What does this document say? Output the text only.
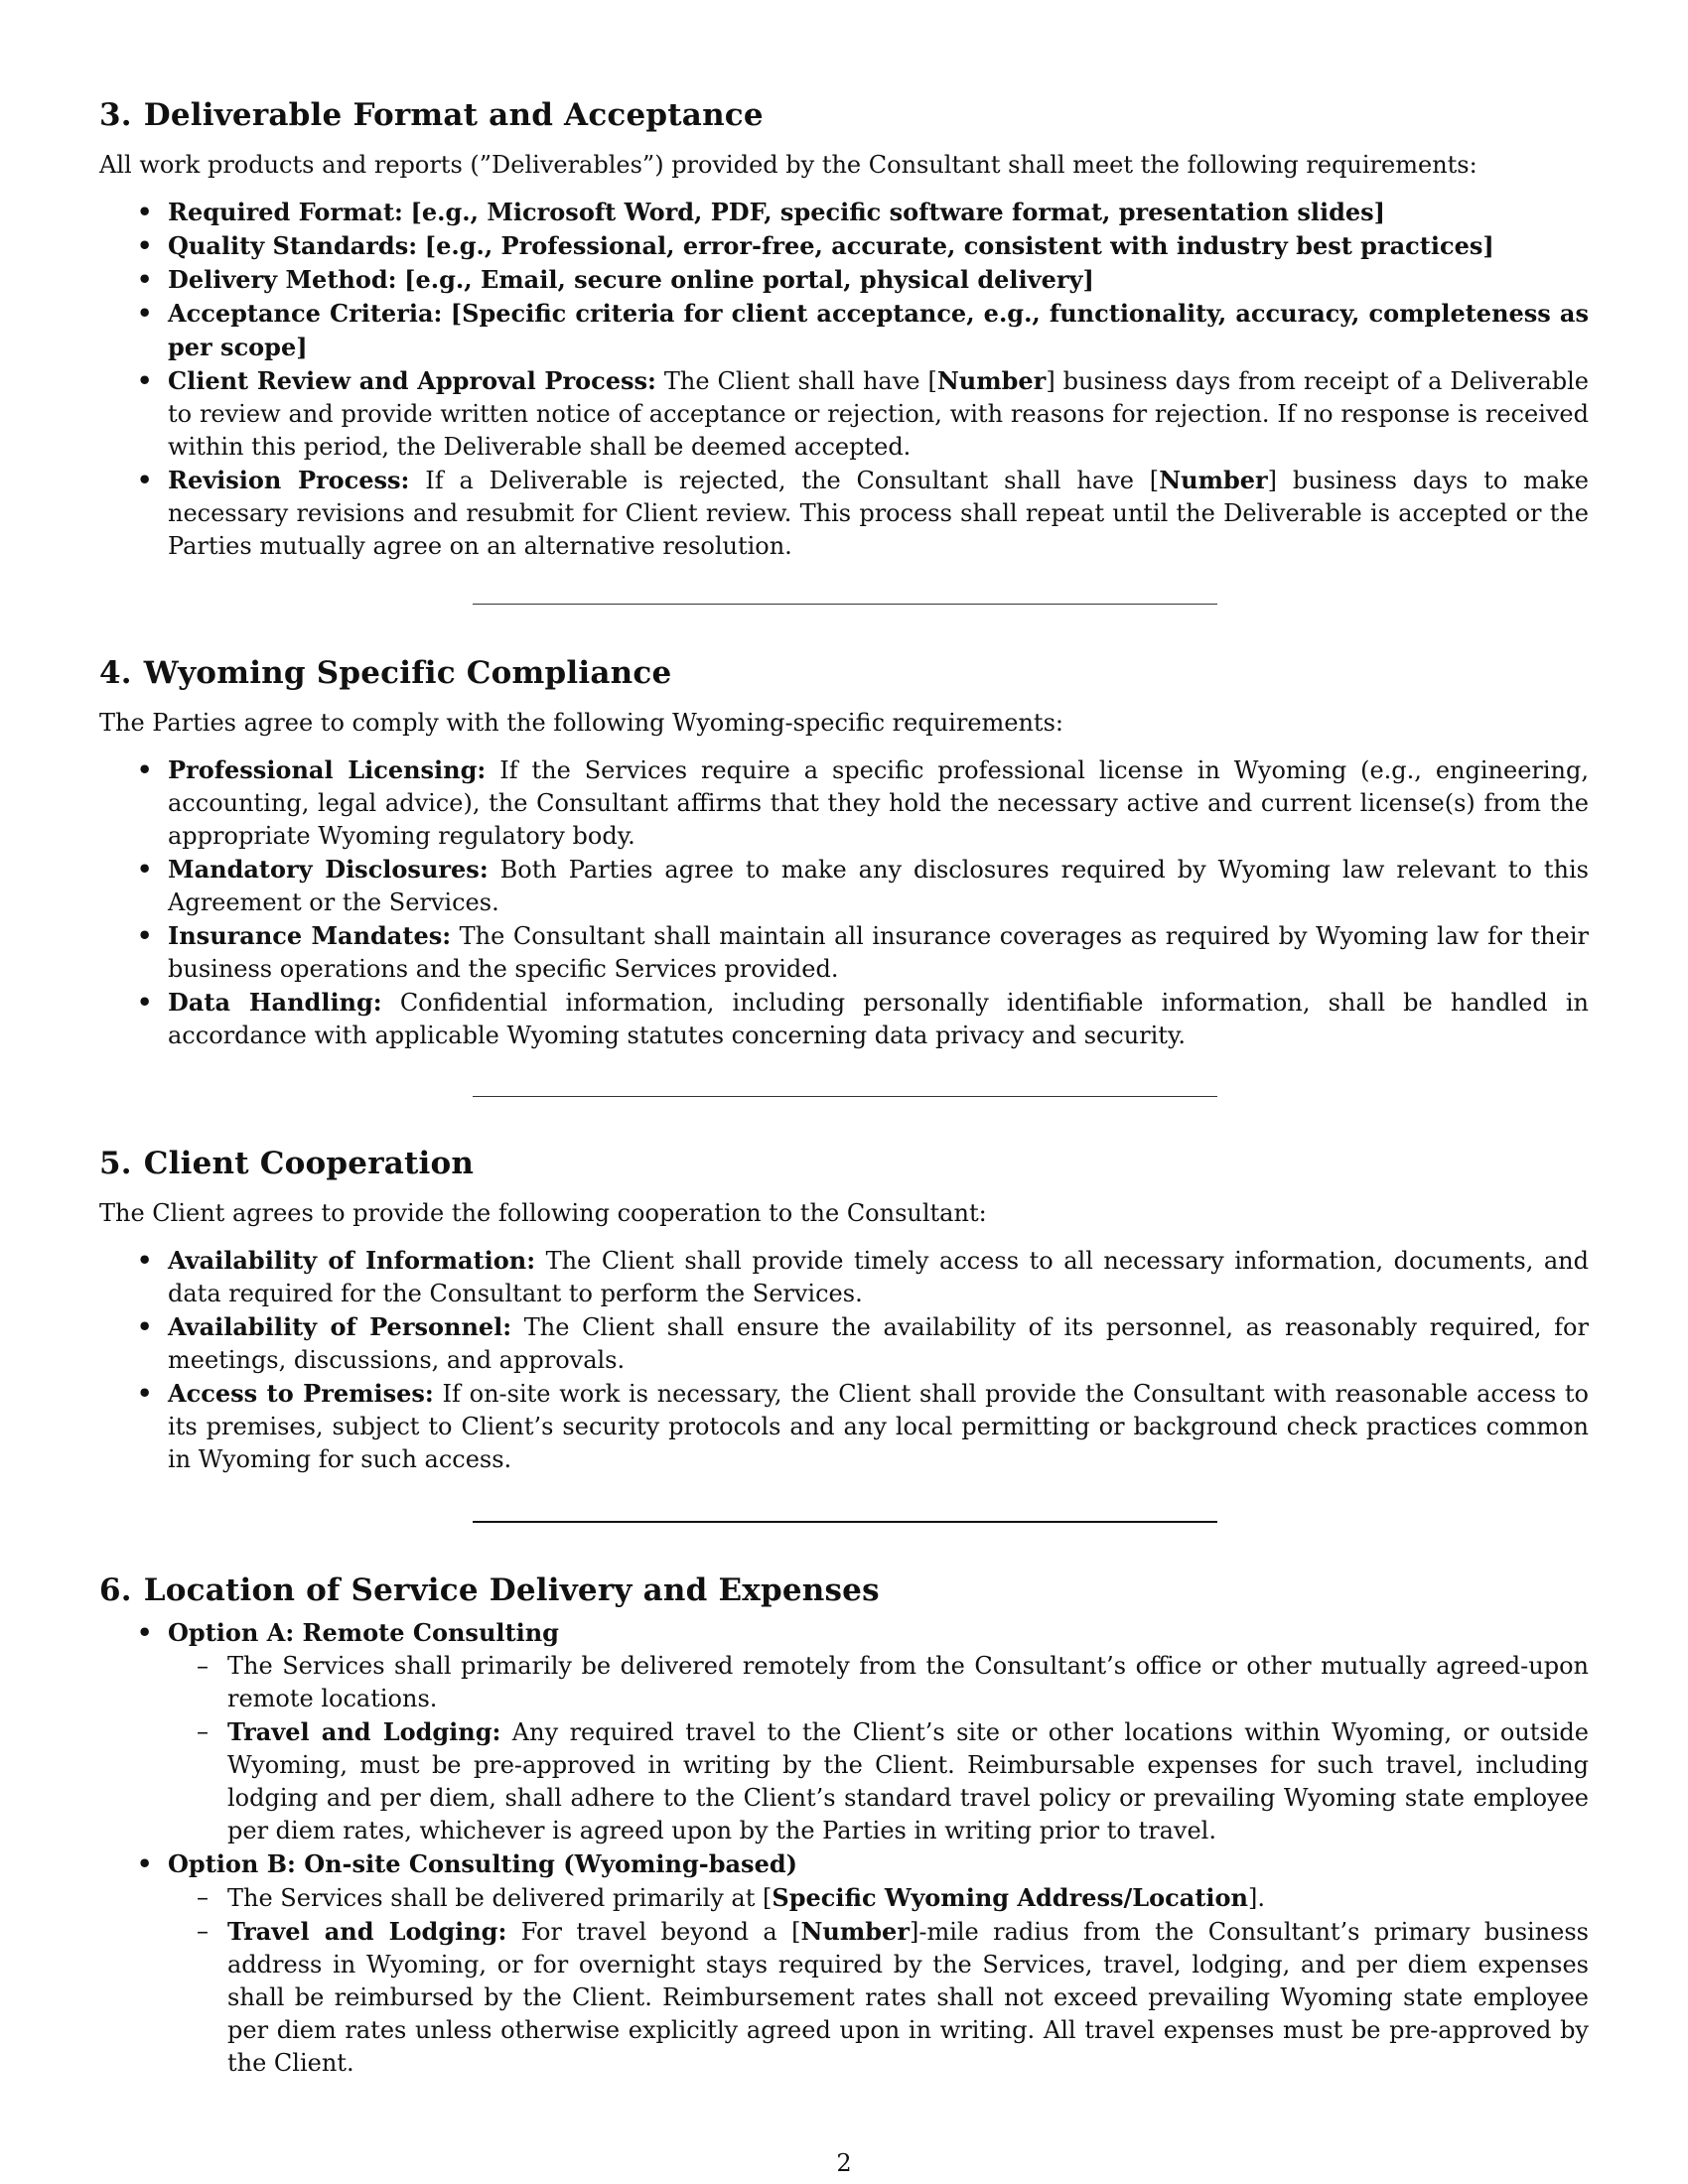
3. Deliverable Format and Acceptance

All work products and reports (”Deliverables”) provided by the Consultant shall meet the following requirements:

• Required Format: [e.g., Microsoft Word, PDF, specific software format, presentation slides]
• Quality Standards: [e.g., Professional, error-free, accurate, consistent with industry best practices]
• Delivery Method: [e.g., Email, secure online portal, physical delivery]
• Acceptance Criteria: [Specific criteria for client acceptance, e.g., functionality, accuracy, completeness as per scope]
• Client Review and Approval Process: The Client shall have [Number] business days from receipt of a Deliverable to review and provide written notice of acceptance or rejection, with reasons for rejection. If no response is received within this period, the Deliverable shall be deemed accepted.
• Revision Process: If a Deliverable is rejected, the Consultant shall have [Number] business days to make necessary revisions and resubmit for Client review. This process shall repeat until the Deliverable is accepted or the Parties mutually agree on an alternative resolution.
4. Wyoming Specific Compliance

The Parties agree to comply with the following Wyoming-specific requirements:

• Professional Licensing: If the Services require a specific professional license in Wyoming (e.g., engineering, accounting, legal advice), the Consultant affirms that they hold the necessary active and current license(s) from the appropriate Wyoming regulatory body.
• Mandatory Disclosures: Both Parties agree to make any disclosures required by Wyoming law relevant to this Agreement or the Services.
• Insurance Mandates: The Consultant shall maintain all insurance coverages as required by Wyoming law for their business operations and the specific Services provided.
• Data Handling: Confidential information, including personally identifiable information, shall be handled in accordance with applicable Wyoming statutes concerning data privacy and security.
5. Client Cooperation

The Client agrees to provide the following cooperation to the Consultant:

• Availability of Information: The Client shall provide timely access to all necessary information, documents, and data required for the Consultant to perform the Services.
• Availability of Personnel: The Client shall ensure the availability of its personnel, as reasonably required, for meetings, discussions, and approvals.
• Access to Premises: If on-site work is necessary, the Client shall provide the Consultant with reasonable access to its premises, subject to Client’s security protocols and any local permitting or background check practices common in Wyoming for such access.
6. Location of Service Delivery and Expenses
• Option A: Remote Consulting
– The Services shall primarily be delivered remotely from the Consultant’s office or other mutually agreed-upon remote locations.
– Travel and Lodging: Any required travel to the Client’s site or other locations within Wyoming, or outside Wyoming, must be pre-approved in writing by the Client. Reimbursable expenses for such travel, including lodging and per diem, shall adhere to the Client’s standard travel policy or prevailing Wyoming state employee per diem rates, whichever is agreed upon by the Parties in writing prior to travel.
• Option B: On-site Consulting (Wyoming-based)
– The Services shall be delivered primarily at [Specific Wyoming Address/Location].
– Travel and Lodging: For travel beyond a [Number]-mile radius from the Consultant’s primary business address in Wyoming, or for overnight stays required by the Services, travel, lodging, and per diem expenses shall be reimbursed by the Client. Reimbursement rates shall not exceed prevailing Wyoming state employee per diem rates unless otherwise explicitly agreed upon in writing. All travel expenses must be pre-approved by the Client.
2
